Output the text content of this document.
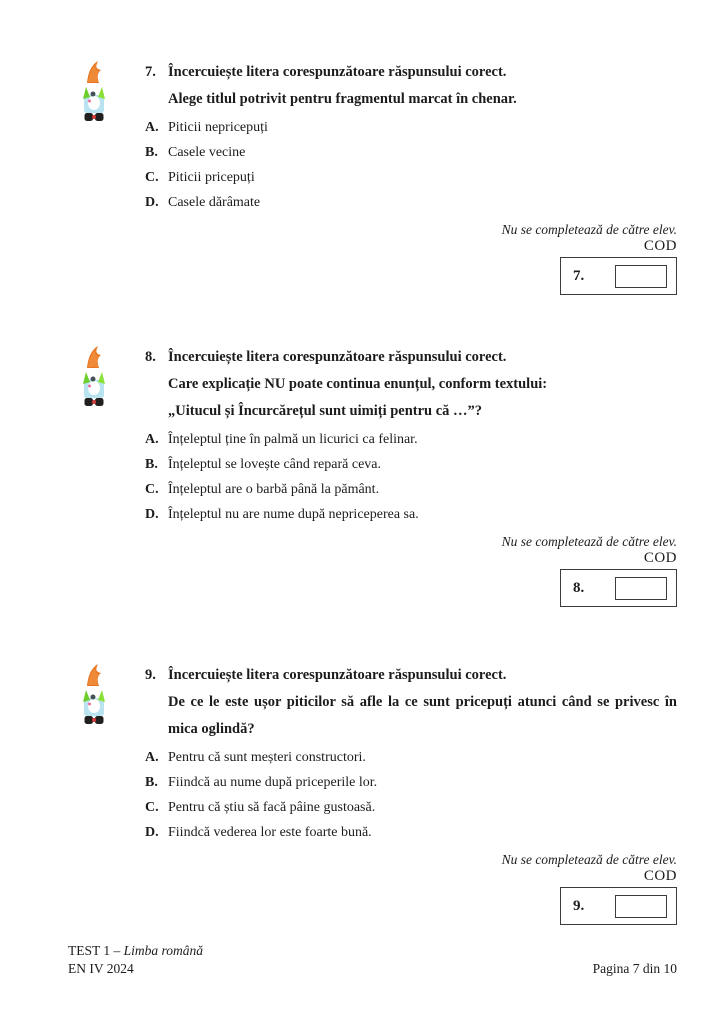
7. Încercuiește litera corespunzătoare răspunsului corect.
Alege titlul potrivit pentru fragmentul marcat în chenar.
A. Piticii nepricepuți
B. Casele vecine
C. Piticii pricepuți
D. Casele dărâmate
Nu se completează de către elev.
COD
7.
8. Încercuiește litera corespunzătoare răspunsului corect.
Care explicație NU poate continua enunțul, conform textului:
„Uitucul și Încurcărețul sunt uimiți pentru că …”?
A. Înțeleptul ține în palmă un licurici ca felinar.
B. Înțeleptul se lovește când repară ceva.
C. Înțeleptul are o barbă până la pământ.
D. Înțeleptul nu are nume după nepriceperea sa.
Nu se completează de către elev.
COD
8.
9. Încercuiește litera corespunzătoare răspunsului corect.
De ce le este ușor piticilor să afle la ce sunt pricepuți atunci când se privesc în
mica oglindă?
A. Pentru că sunt meșteri constructori.
B. Fiindcă au nume după priceperile lor.
C. Pentru că știu să facă pâine gustoasă.
D. Fiindcă vederea lor este foarte bună.
Nu se completează de către elev.
COD
9.
TEST 1 – Limba română
EN IV 2024	Pagina 7 din 10
